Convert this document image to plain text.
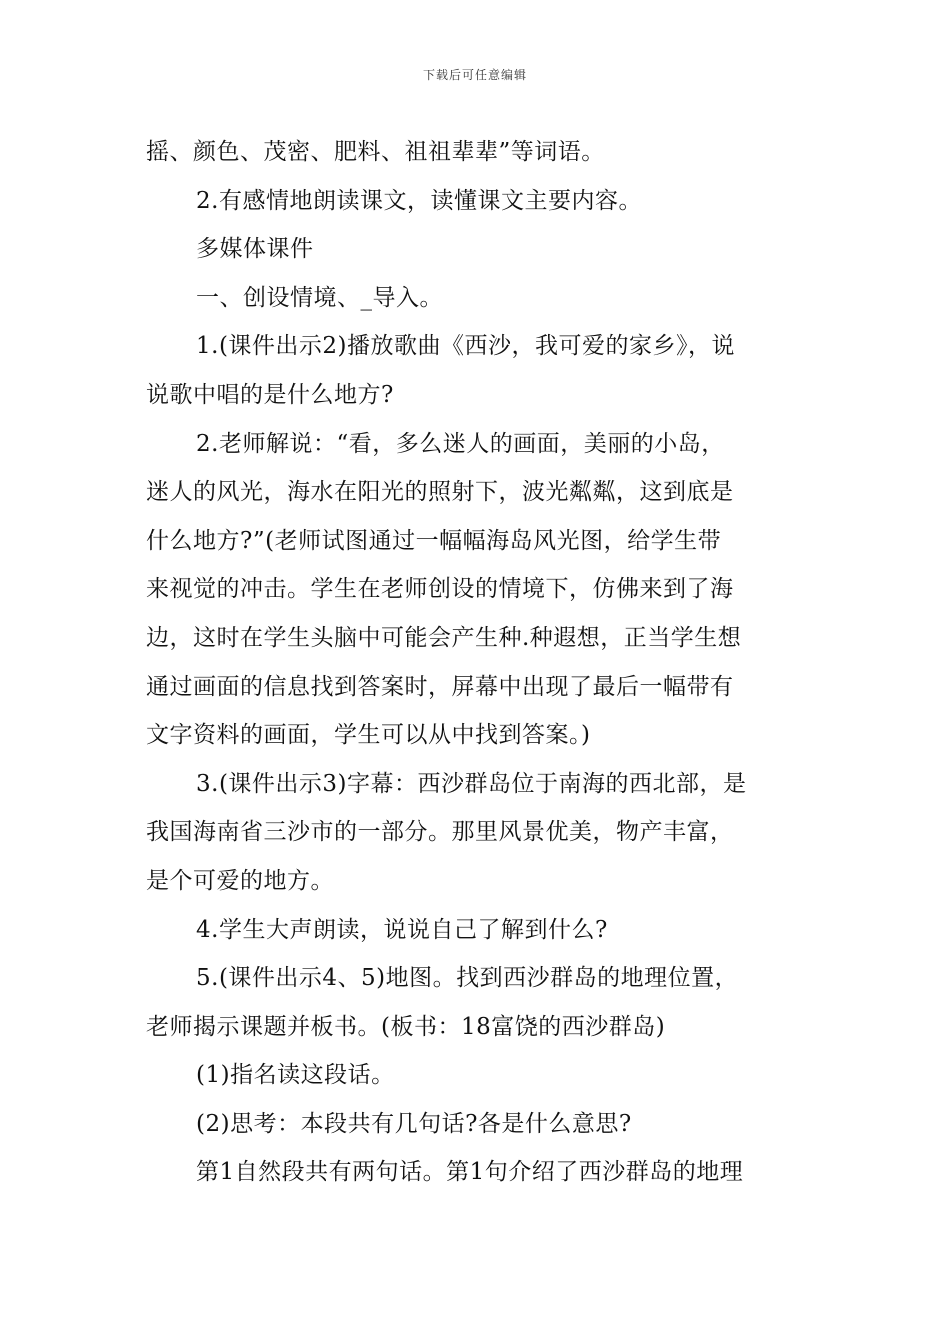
下载后可任意编辑
摇、颜色、茂密、肥料、祖祖辈辈”等词语。
2.有感情地朗读课文，读懂课文主要内容。
多媒体课件
一、创设情境、_导入。
1.(课件出示2)播放歌曲《西沙，我可爱的家乡》，说
说歌中唱的是什么地方?
2.老师解说：“看，多么迷人的画面，美丽的小岛，
迷人的风光，海水在阳光的照射下，波光粼粼，这到底是
什么地方?”(老师试图通过一幅幅海岛风光图，给学生带
来视觉的冲击。学生在老师创设的情境下，仿佛来到了海
边，这时在学生头脑中可能会产生种.种遐想，正当学生想
通过画面的信息找到答案时，屏幕中出现了最后一幅带有
文字资料的画面，学生可以从中找到答案。)
3.(课件出示3)字幕：西沙群岛位于南海的西北部，是
我国海南省三沙市的一部分。那里风景优美，物产丰富，
是个可爱的地方。
4.学生大声朗读，说说自己了解到什么?
5.(课件出示4、5)地图。找到西沙群岛的地理位置，
老师揭示课题并板书。(板书：18富饶的西沙群岛)
(1)指名读这段话。
(2)思考：本段共有几句话?各是什么意思?
第1自然段共有两句话。第1句介绍了西沙群岛的地理
